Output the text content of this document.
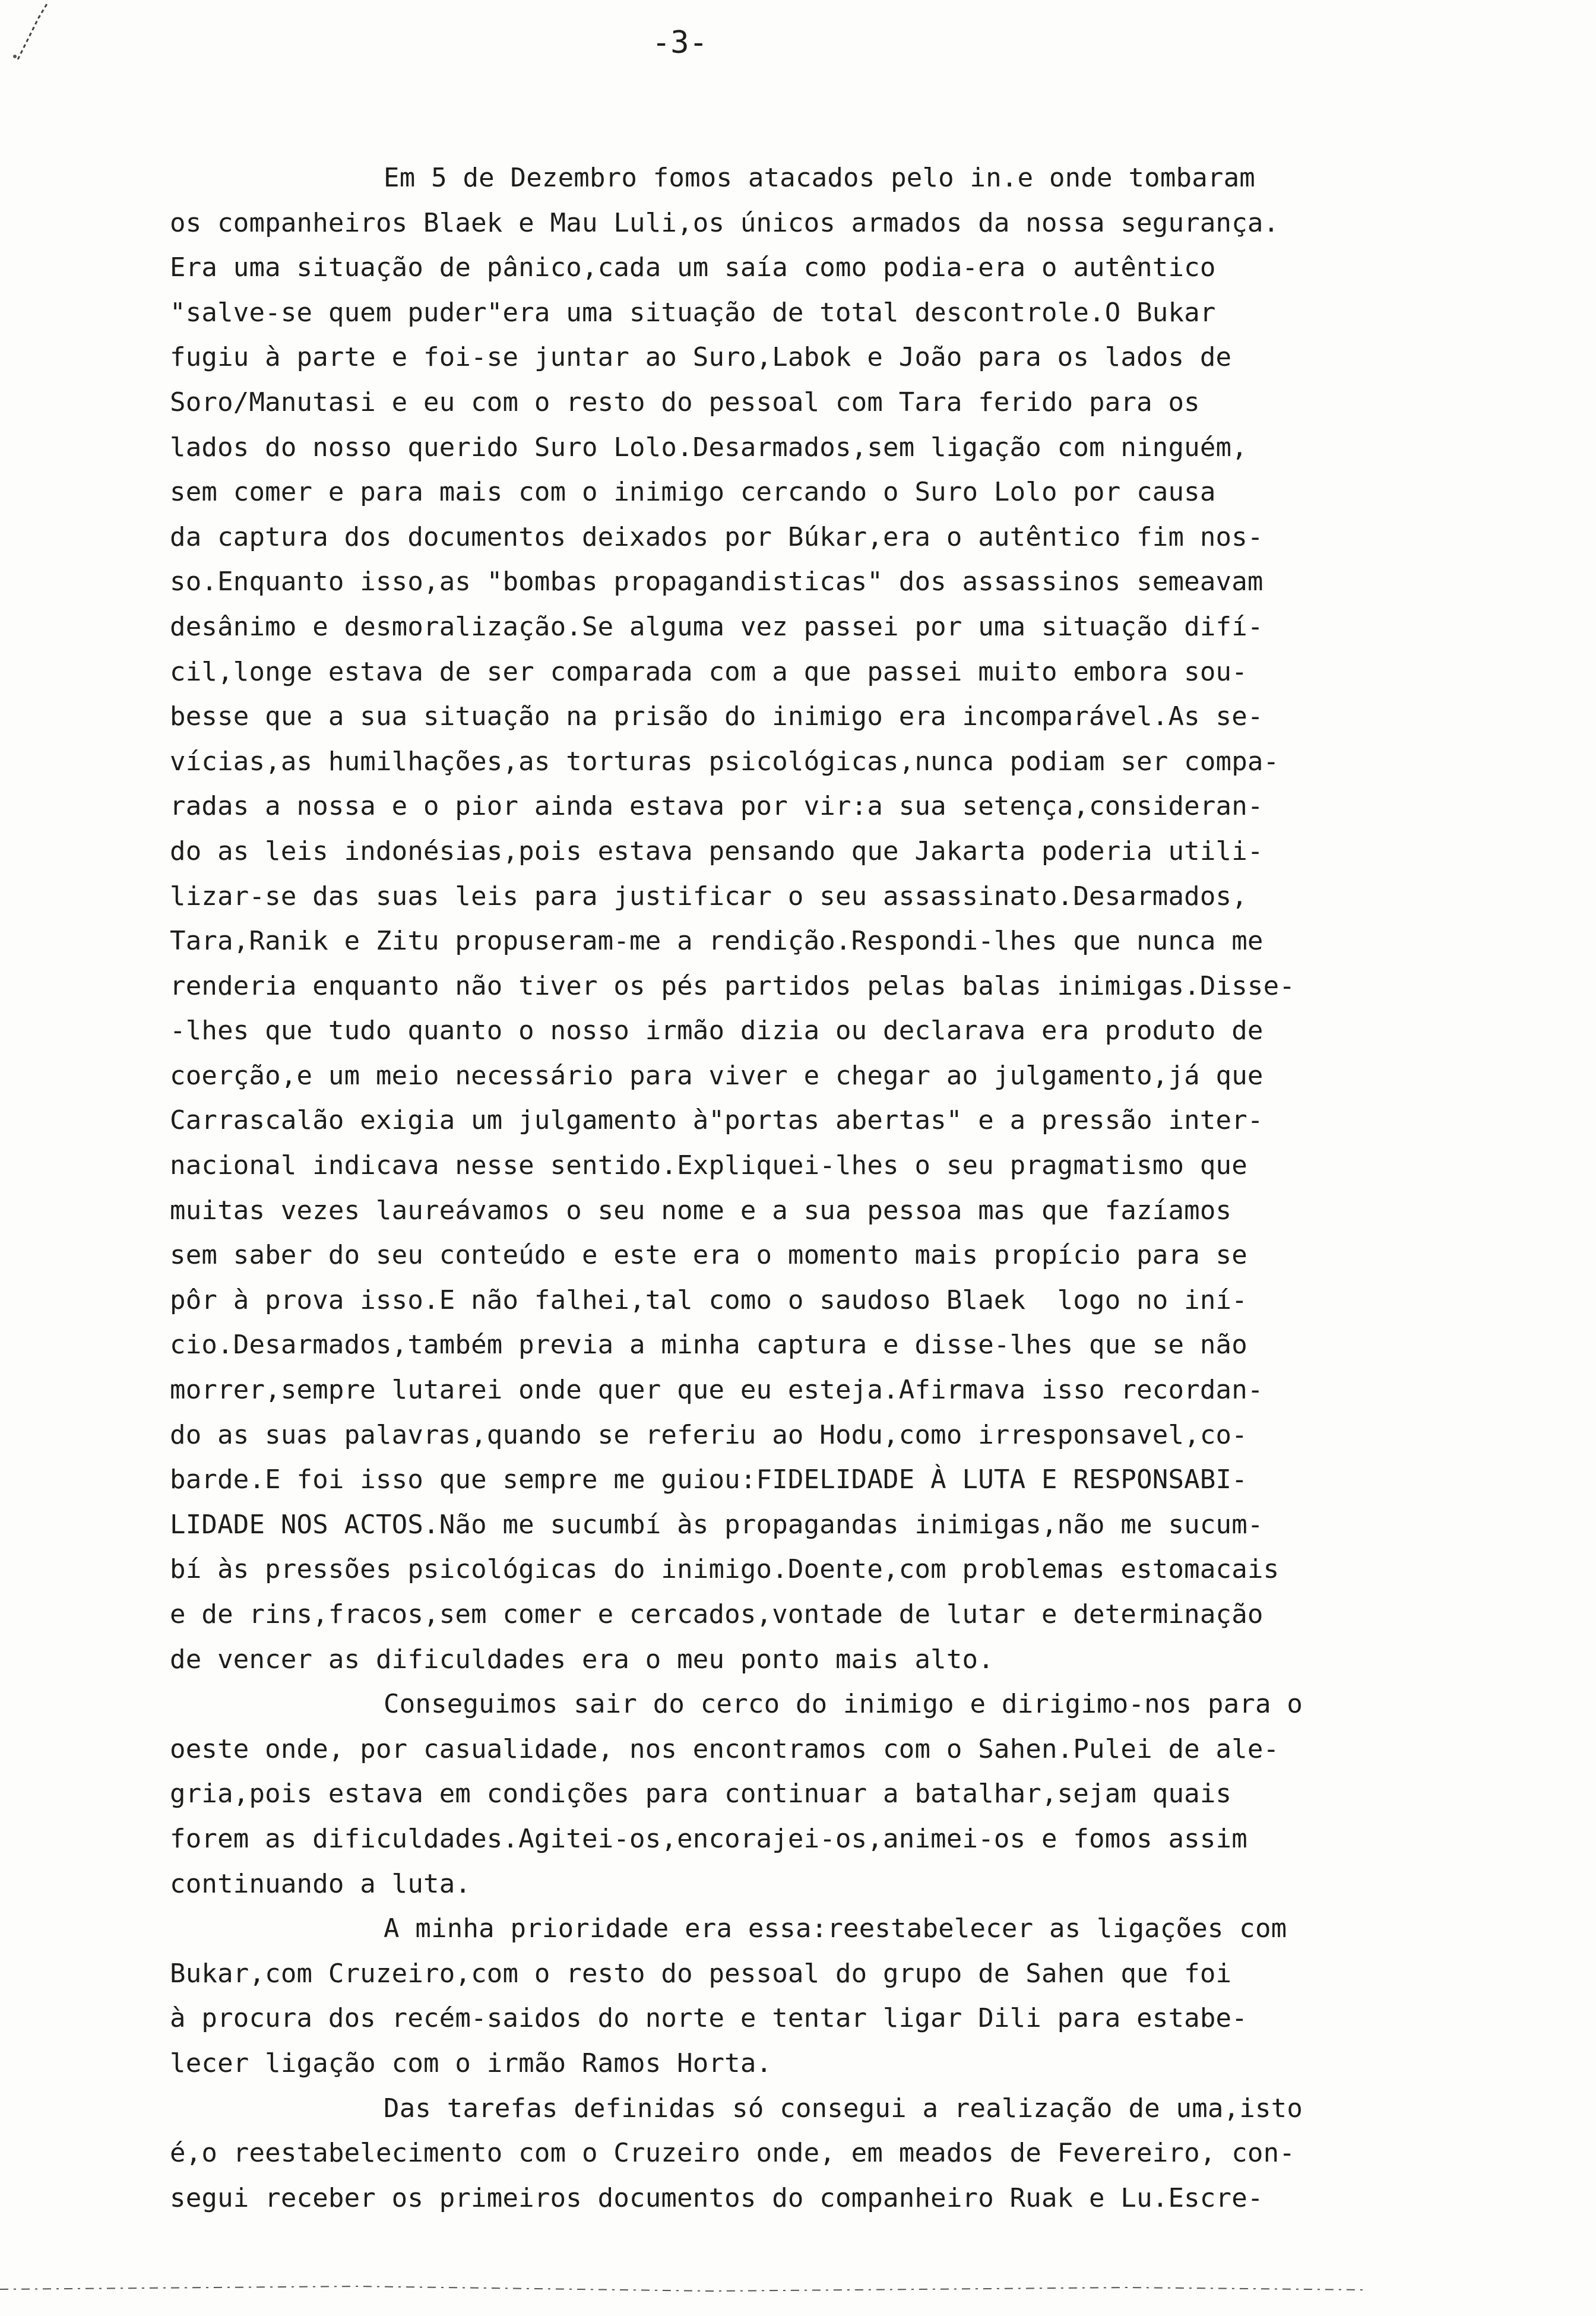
-3-
Em 5 de Dezembro fomos atacados pelo in.e onde tombaram
os companheiros Blaek e Mau Luli,os únicos armados da nossa segurança.
Era uma situação de pânico,cada um saía como podia-era o autêntico
"salve-se quem puder"era uma situação de total descontrole.O Bukar
fugiu à parte e foi-se juntar ao Suro,Labok e João para os lados de
Soro/Manutasi e eu com o resto do pessoal com Tara ferido para os
lados do nosso querido Suro Lolo.Desarmados,sem ligação com ninguém,
sem comer e para mais com o inimigo cercando o Suro Lolo por causa
da captura dos documentos deixados por Búkar,era o autêntico fim nos-
so.Enquanto isso,as "bombas propagandisticas" dos assassinos semeavam
desânimo e desmoralização.Se alguma vez passei por uma situação difí-
cil,longe estava de ser comparada com a que passei muito embora sou-
besse que a sua situação na prisão do inimigo era incomparável.As se-
vícias,as humilhações,as torturas psicológicas,nunca podiam ser compa-
radas a nossa e o pior ainda estava por vir:a sua setença,consideran-
do as leis indonésias,pois estava pensando que Jakarta poderia utili-
lizar-se das suas leis para justificar o seu assassinato.Desarmados,
Tara,Ranik e Zitu propuseram-me a rendição.Respondi-lhes que nunca me
renderia enquanto não tiver os pés partidos pelas balas inimigas.Disse-
-lhes que tudo quanto o nosso irmão dizia ou declarava era produto de
coerção,e um meio necessário para viver e chegar ao julgamento,já que
Carrascalão exigia um julgamento à"portas abertas" e a pressão inter-
nacional indicava nesse sentido.Expliquei-lhes o seu pragmatismo que
muitas vezes laureávamos o seu nome e a sua pessoa mas que fazíamos
sem saber do seu conteúdo e este era o momento mais propício para se
pôr à prova isso.E não falhei,tal como o saudoso Blaek  logo no iní-
cio.Desarmados,também previa a minha captura e disse-lhes que se não
morrer,sempre lutarei onde quer que eu esteja.Afirmava isso recordan-
do as suas palavras,quando se referiu ao Hodu,como irresponsavel,co-
barde.E foi isso que sempre me guiou:FIDELIDADE À LUTA E RESPONSABI-
LIDADE NOS ACTOS.Não me sucumbí às propagandas inimigas,não me sucum-
bí às pressões psicológicas do inimigo.Doente,com problemas estomacais
e de rins,fracos,sem comer e cercados,vontade de lutar e determinação
de vencer as dificuldades era o meu ponto mais alto.
Conseguimos sair do cerco do inimigo e dirigimo-nos para o
oeste onde, por casualidade, nos encontramos com o Sahen.Pulei de ale-
gria,pois estava em condições para continuar a batalhar,sejam quais
forem as dificuldades.Agitei-os,encorajei-os,animei-os e fomos assim
continuando a luta.
A minha prioridade era essa:reestabelecer as ligações com
Bukar,com Cruzeiro,com o resto do pessoal do grupo de Sahen que foi
à procura dos recém-saidos do norte e tentar ligar Dili para estabe-
lecer ligação com o irmão Ramos Horta.
Das tarefas definidas só consegui a realização de uma,isto
é,o reestabelecimento com o Cruzeiro onde, em meados de Fevereiro, con-
segui receber os primeiros documentos do companheiro Ruak e Lu.Escre-
